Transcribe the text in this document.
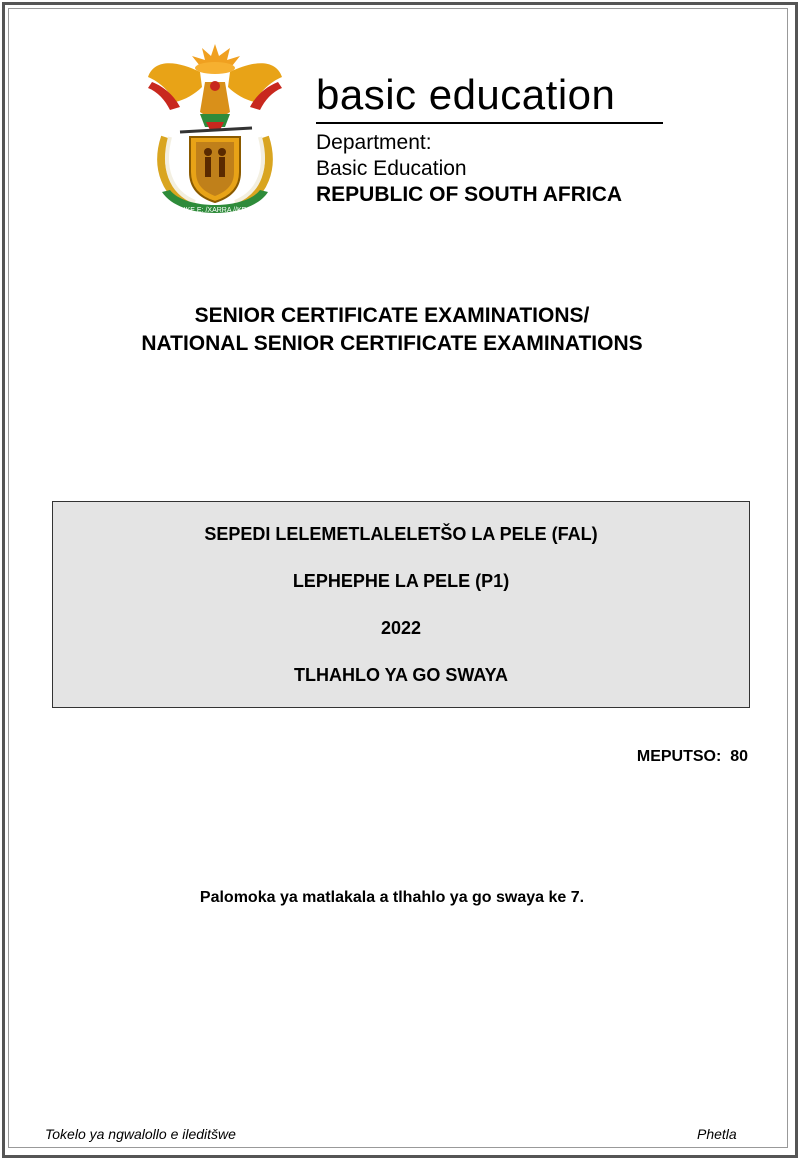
!KE E: /XARRA //KE
basic education
Department:
Basic Education
REPUBLIC OF SOUTH AFRICA
SENIOR CERTIFICATE EXAMINATIONS/
NATIONAL SENIOR CERTIFICATE EXAMINATIONS
SEPEDI LELEMETLALELETŠO LA PELE (FAL)
LEPHEPHE LA PELE (P1)
2022
TLHAHLO YA GO SWAYA
MEPUTSO:  80
Palomoka ya matlakala a tlhahlo ya go swaya ke 7.
Tokelo ya ngwalollo e ileditšwe	Phetla
